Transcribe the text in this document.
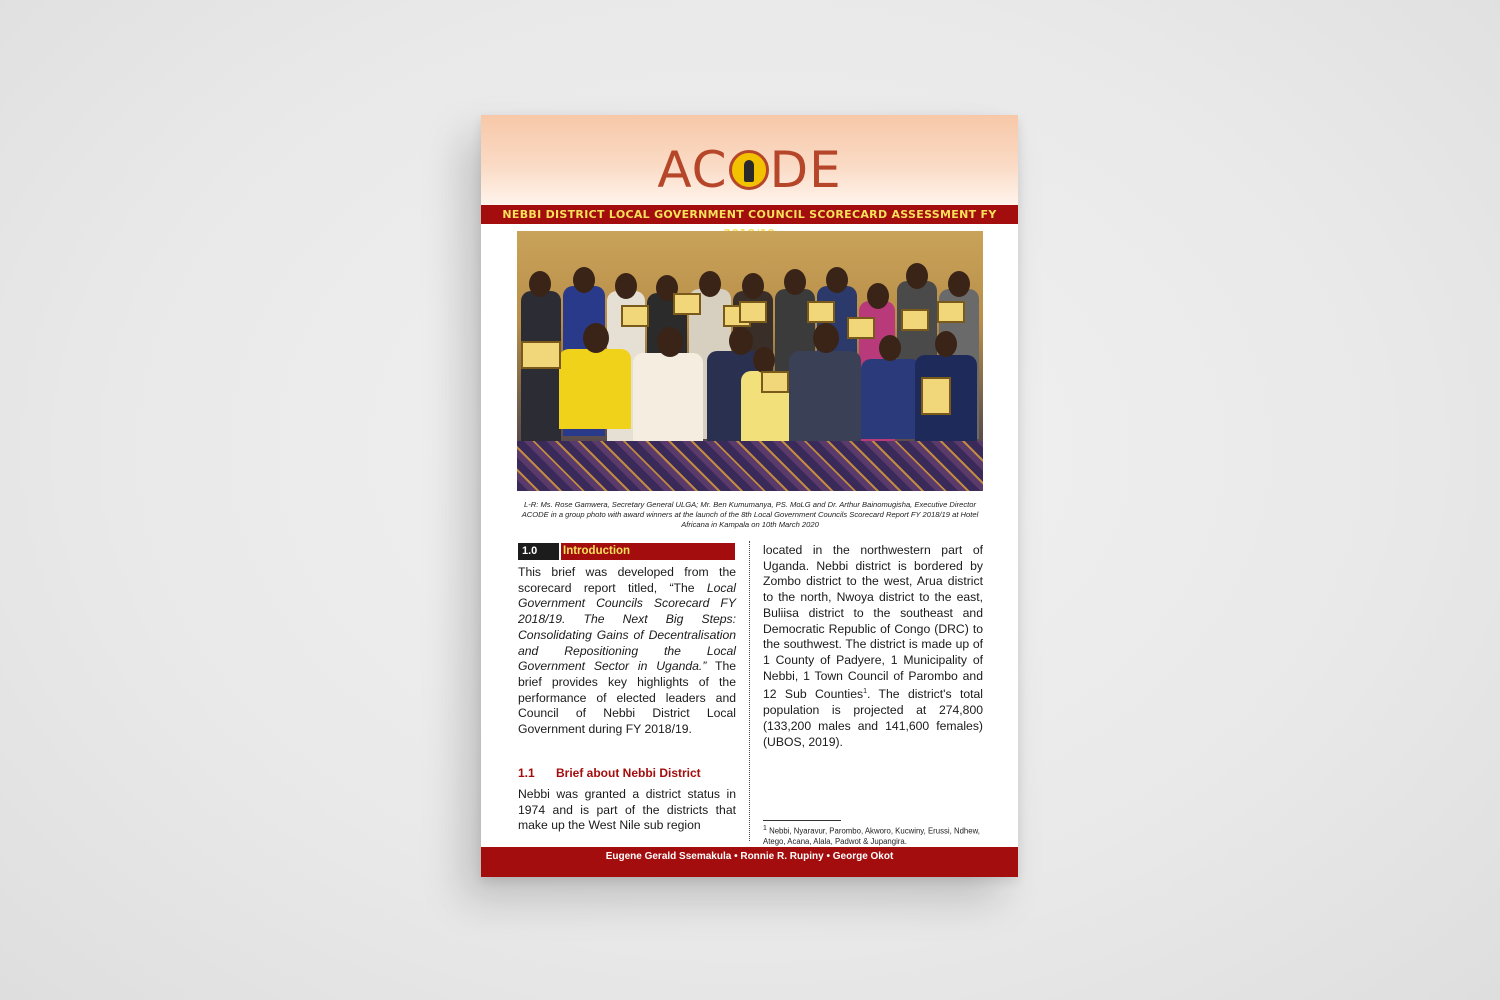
AC DE
NEBBI DISTRICT LOCAL GOVERNMENT COUNCIL SCORECARD ASSESSMENT FY
L-R: Ms. Rose Gamwera, Secretary General ULGA; Mr. Ben Kumumanya, PS. MoLG and Dr. Arthur Bainomugisha, Executive Director ACODE in a group photo with award winners at the launch of the 8th Local Government Councils Scorecard Report FY 2018/19 at Hotel Africana in Kampala on 10th March 2020
1.0	Introduction
This brief was developed from the scorecard report titled, “The Local Government Councils Scorecard FY 2018/19. The Next Big Steps: Consolidating Gains of Decentralisation and Repositioning the Local Government Sector in Uganda.” The brief provides key highlights of the performance of elected leaders and Council of Nebbi District Local Government during FY 2018/19.
1.1 Brief about Nebbi District
Nebbi was granted a district status in 1974 and is part of the districts that make up the West Nile sub region
located in the northwestern part of Uganda. Nebbi district is bordered by Zombo district to the west, Arua district to the north, Nwoya district to the east, Buliisa district to the southeast and Democratic Republic of Congo (DRC) to the southwest. The district is made up of 1 County of Padyere, 1 Municipality of Nebbi, 1 Town Council of Parombo and 12 Sub Counties$^1$. The district's total population is projected at 274,800 (133,200 males and 141,600 females) (UBOS, 2019).
$^1$ Nebbi, Nyaravur, Parombo, Akworo, Kucwiny, Erussi, Ndhew, Atego, Acana, Alala, Padwot & Jupangira.
Eugene Gerald Ssemakula • Ronnie R. Rupiny • George Okot
